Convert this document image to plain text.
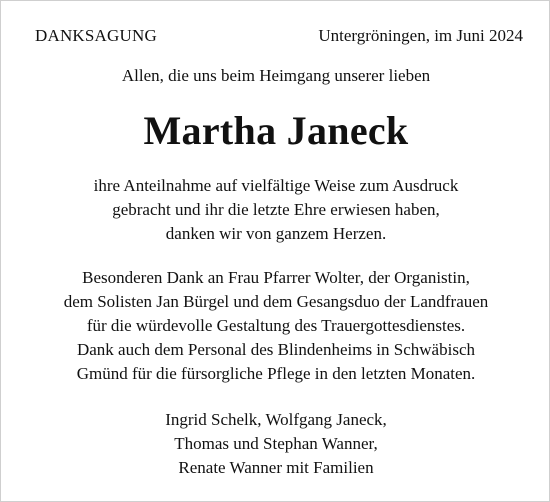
DANKSAGUNG	Untergröningen, im Juni 2024
Allen, die uns beim Heimgang unserer lieben
Martha Janeck
ihre Anteilnahme auf vielfältige Weise zum Ausdruck
gebracht und ihr die letzte Ehre erwiesen haben,
danken wir von ganzem Herzen.
Besonderen Dank an Frau Pfarrer Wolter, der Organistin,
dem Solisten Jan Bürgel und dem Gesangsduo der Landfrauen
für die würdevolle Gestaltung des Trauergottesdienstes.
Dank auch dem Personal des Blindenheims in Schwäbisch
Gmünd für die fürsorgliche Pflege in den letzten Monaten.
Ingrid Schelk, Wolfgang Janeck,
Thomas und Stephan Wanner,
Renate Wanner mit Familien
